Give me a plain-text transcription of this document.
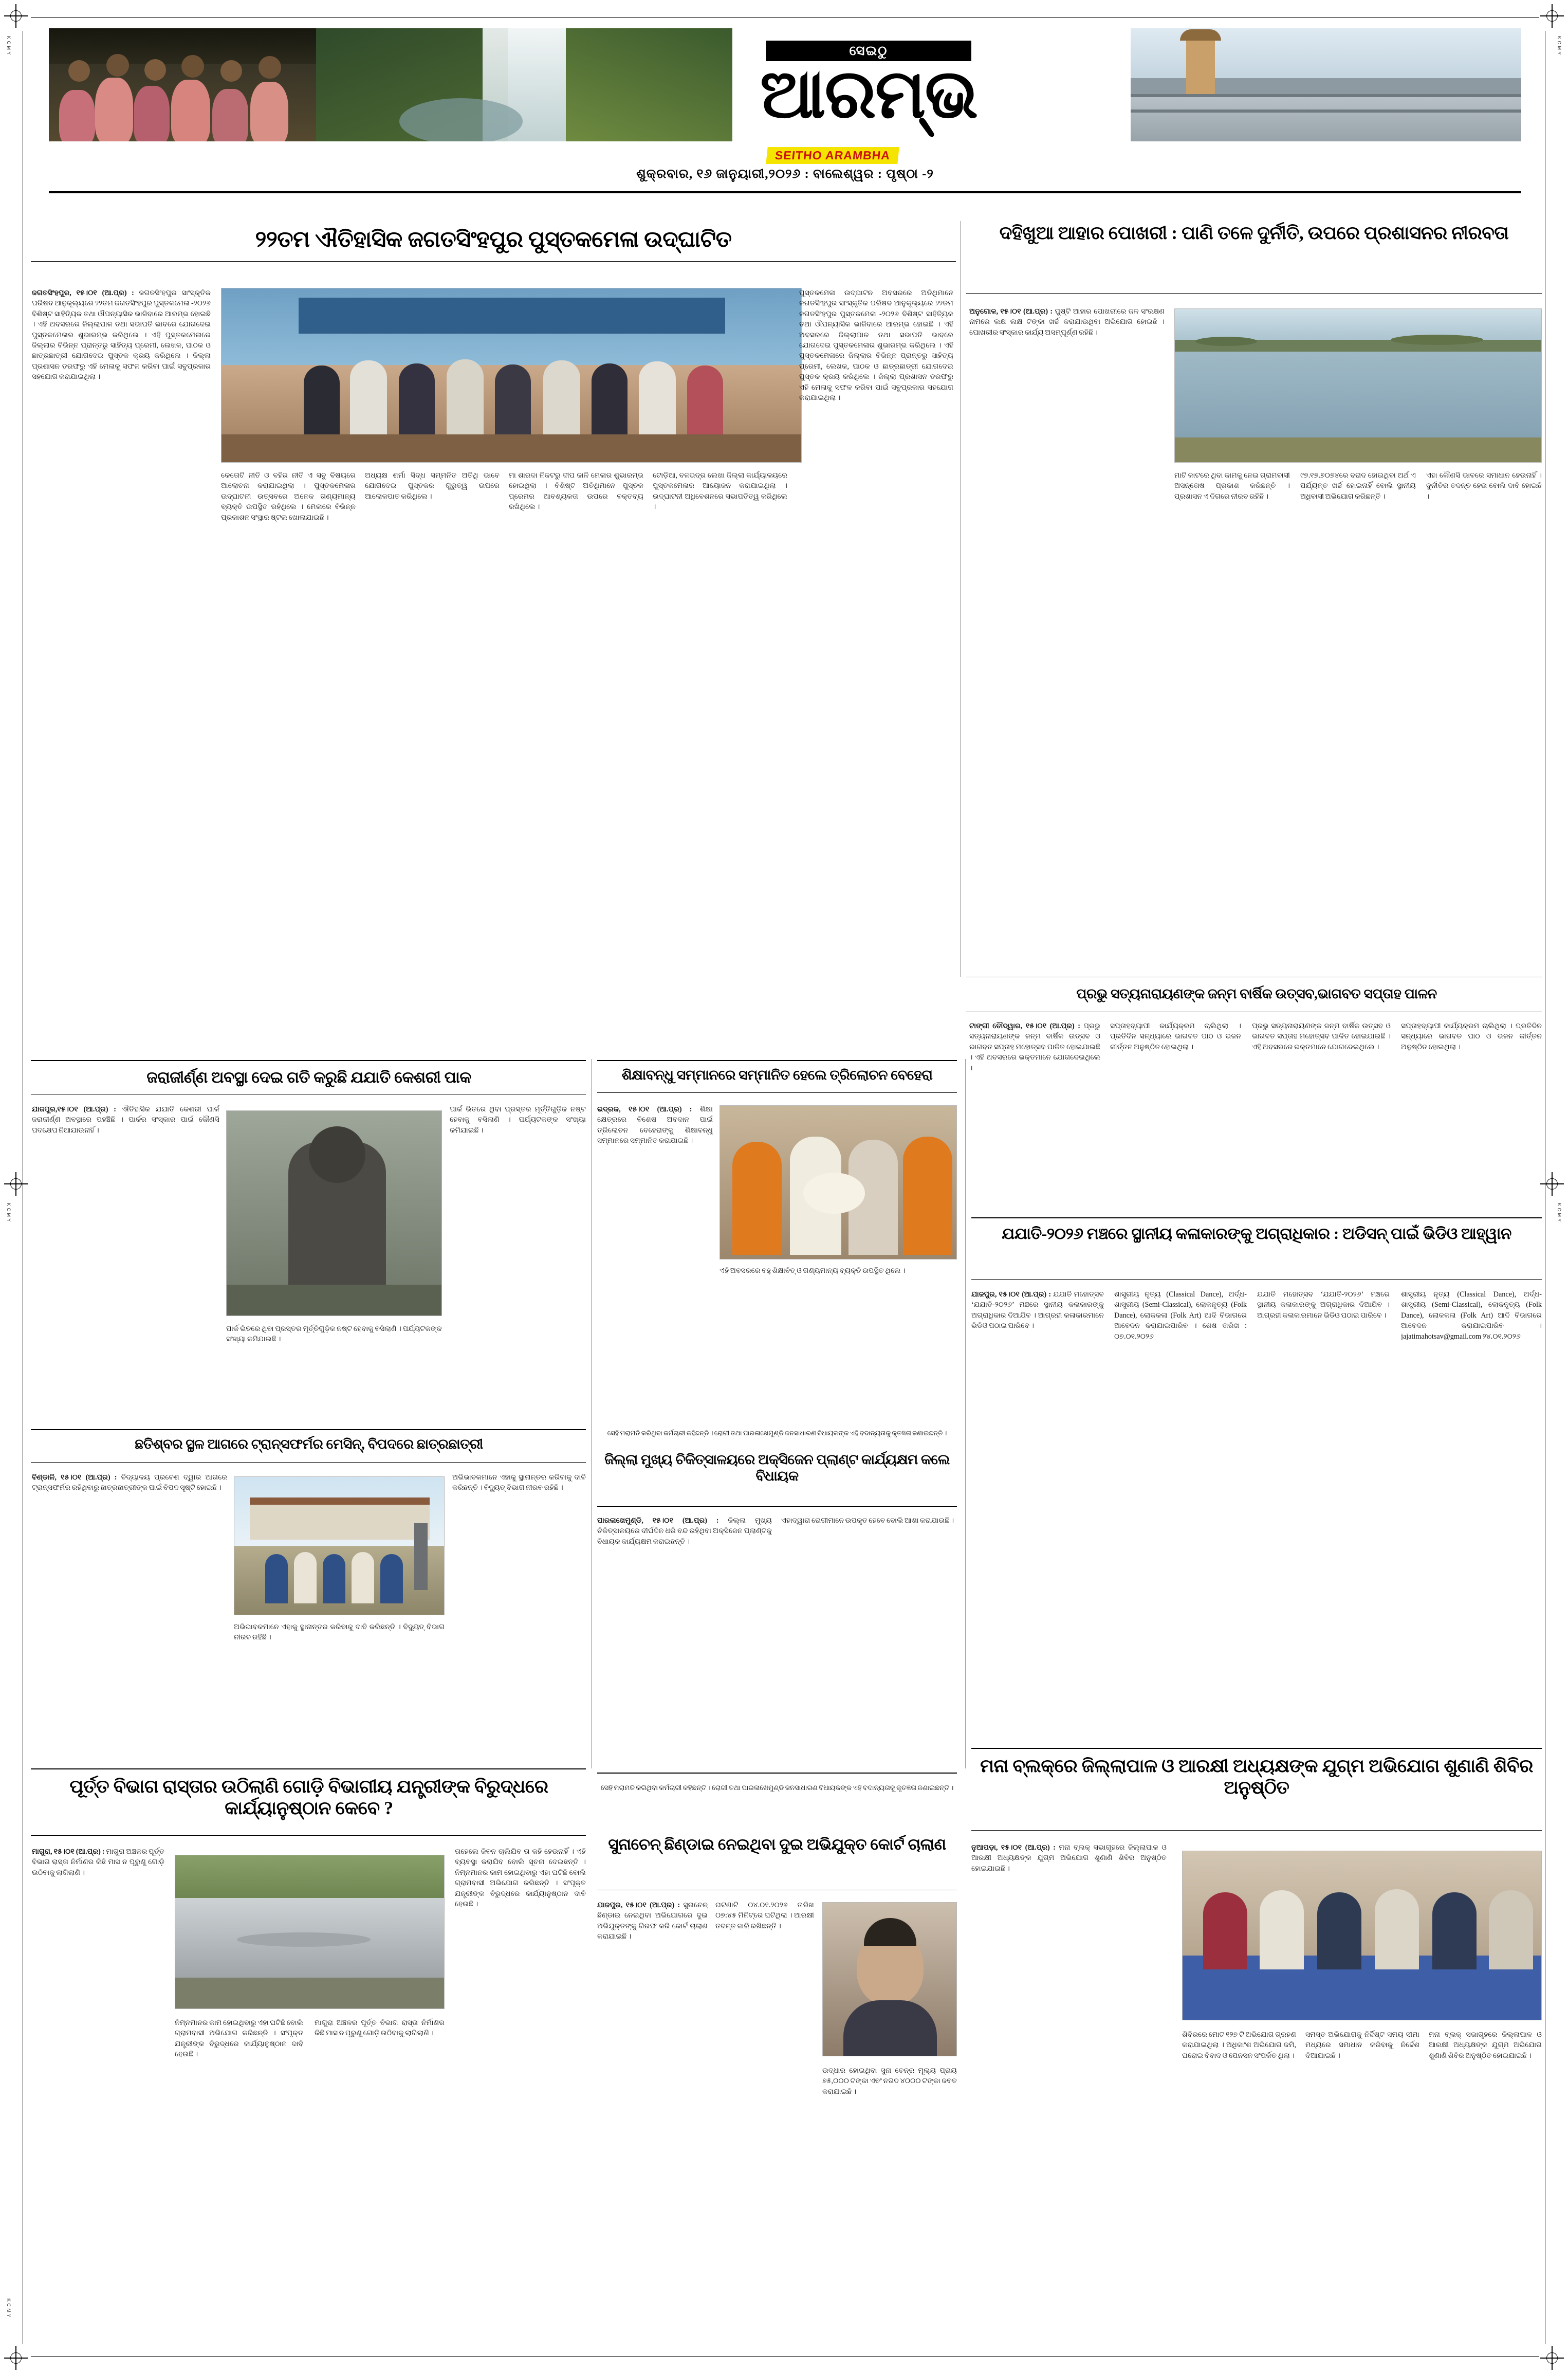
K C M Y	K C M Y
K C M Y	K C M Y
K C M Y
ସେଇଠୁ
ଆରମ୍ଭ
SEITHO ARAMBHA
ଶୁକ୍ରବାର, ୧୬ ଜାନୁୟାରୀ,୨୦୨୬ : ବାଲେଶ୍ୱର : ପୃଷ୍ଠା -୨
୨୨ତମ ଐତିହାସିକ ଜଗତସିଂହପୁର ପୁସ୍ତକମେଳା ଉଦ୍‌ଘାଟିତ	ଦହିଖୁଆ ଆହାର ପୋଖରୀ : ପାଣି ତଳେ ଦୁର୍ନୀତି, ଉପରେ ପ୍ରଶାସନର ନୀରବତା

ଜଗତସିଂହପୁର, ୧୫।୦୧ (ଆ.ପ୍ର) : ଜଗତସିଂହପୁର ସାଂସ୍କୃତିକ ପରିଷଦ ଆନୁକୂଲ୍ୟରେ ୨୨ତମ ଜଗତସିଂହପୁର ପୁସ୍ତକମେଳା -୨୦୨୬ ବିଶିଷ୍ଟ ସାହିତ୍ୟିକ ତଥା ଔପନ୍ୟାସିକ ଭାଜିବାରେ ଆରମ୍ଭ ହୋଇଛି । ଏହି ଅବସରରେ ଜିଲ୍ଲାପାଳ ତଥା ସଭାପତି ଭାବରେ ଯୋଗଦେଇ ପୁସ୍ତକମେଳାର ଶୁଭାରମ୍ଭ କରିଥିଲେ । ଏହି ପୁସ୍ତକମେଳାରେ ଜିଲ୍ଲାର ବିଭିନ୍ନ ପ୍ରାନ୍ତରୁ ସାହିତ୍ୟ ପ୍ରେମୀ, ଲେଖକ, ପାଠକ ଓ ଛାତ୍ରଛାତ୍ରୀ ଯୋଗଦେଇ ପୁସ୍ତକ କ୍ରୟ କରିଥିଲେ । ଜିଲ୍ଲା ପ୍ରଶାସନ ତରଫରୁ ଏହି ମେଳାକୁ ସଫଳ କରିବା ପାଇଁ ସବୁପ୍ରକାର ସହଯୋଗ କରାଯାଇଥିଲା ।

କେତୋଟି ନୀତି ଓ ବହିର ନୀତି ଏ ସବୁ ବିଷୟରେ ଆଲୋଚନା କରାଯାଇଥିଲା । ପୁସ୍ତକମେଳାର ଉଦ୍‌ଘାଟନୀ ଉତ୍ସବରେ ଅନେକ ଗଣ୍ୟମାନ୍ୟ ବ୍ୟକ୍ତି ଉପସ୍ଥିତ ରହିଥିଲେ । ମେଳାରେ ବିଭିନ୍ନ ପ୍ରକାଶନ ସଂସ୍ଥାର ଷ୍ଟଲ ଖୋଲାଯାଇଛି ।

ଅଧ୍ୟକ୍ଷ ଶର୍ମା ସିଦ୍ଧ ସମ୍ମନିତ ଅତିଥି ଭାବେ ଯୋଗଦେଇ ପୁସ୍ତକର ଗୁରୁତ୍ୱ ଉପରେ ଆଲୋକପାତ କରିଥିଲେ ।

ମା ଶାରଦା ନିକଟରୁ ଦୀପ ଜାଳି ମେଳାର ଶୁଭାରମ୍ଭ ହୋଇଥିଲା । ବିଶିଷ୍ଟ ଅତିଥିମାନେ ପୁସ୍ତକ ପ୍ରେମର ଆବଶ୍ୟକତା ଉପରେ ବକ୍ତବ୍ୟ ରଖିଥିଲେ ।

ଟୋଡ଼ିଆ, ବଳଭଦ୍ର ଲେଖା ଜିଲ୍ଲା କାର୍ଯ୍ୟାଳୟରେ ପୁସ୍ତକମେଳାର ଆୟୋଜନ କରାଯାଇଥିଲା । ଉଦ୍‌ଘାଟନୀ ଅଧିବେଶନରେ ସଭାପତିତ୍ୱ କରିଥିଲେ ।

ପୁସ୍ତକମେଳା ଉଦ୍‌ଘାଟନ ଅବସରରେ ଅତିଥିମାନେ ଜଗତସିଂହପୁର ସାଂସ୍କୃତିକ ପରିଷଦ ଆନୁକୂଲ୍ୟରେ ୨୨ତମ ଜଗତସିଂହପୁର ପୁସ୍ତକମେଳା -୨୦୨୬ ବିଶିଷ୍ଟ ସାହିତ୍ୟିକ ତଥା ଔପନ୍ୟାସିକ ଭାଜିବାରେ ଆରମ୍ଭ ହୋଇଛି । ଏହି ଅବସରରେ ଜିଲ୍ଲାପାଳ ତଥା ସଭାପତି ଭାବରେ ଯୋଗଦେଇ ପୁସ୍ତକମେଳାର ଶୁଭାରମ୍ଭ କରିଥିଲେ । ଏହି ପୁସ୍ତକମେଳାରେ ଜିଲ୍ଲାର ବିଭିନ୍ନ ପ୍ରାନ୍ତରୁ ସାହିତ୍ୟ ପ୍ରେମୀ, ଲେଖକ, ପାଠକ ଓ ଛାତ୍ରଛାତ୍ରୀ ଯୋଗଦେଇ ପୁସ୍ତକ କ୍ରୟ କରିଥିଲେ । ଜିଲ୍ଲା ପ୍ରଶାସନ ତରଫରୁ ଏହି ମେଳାକୁ ସଫଳ କରିବା ପାଇଁ ସବୁପ୍ରକାର ସହଯୋଗ କରାଯାଇଥିଲା ।

ଅନୁଗୋଳ, ୧୫।୦୧ (ଆ.ପ୍ର) : ପୁଷ୍ଟି ଆହାର ପୋଖରୀରେ ଜଳ ସଂରକ୍ଷଣ ନାମରେ ଲକ୍ଷ ଲକ୍ଷ ଟଙ୍କା ଖର୍ଚ୍ଚ କରାଯାଉଥିବା ଅଭିଯୋଗ ହୋଇଛି । ପୋଖରୀର ସଂସ୍କାର କାର୍ଯ୍ୟ ଅସମ୍ପୂର୍ଣ୍ଣ ରହିଛି ।

ମାଟି କାଟରେ ଥିବା କାମକୁ ନେଇ ଗ୍ରାମବାସୀ ଅସନ୍ତୋଷ ପ୍ରକାଶ କରିଛନ୍ତି । ପ୍ରଶାସନ ଏ ଦିଗରେ ନୀରବ ରହିଛି ।

୯୭.୧୭.୭୦୭୪ରେ ବରାଦ ହୋଇଥିବା ଅର୍ଥ ଏ ପର୍ଯ୍ୟନ୍ତ ଖର୍ଚ୍ଚ ହୋଇନାହିଁ ବୋଲି ସ୍ଥାନୀୟ ଅଧିବାସୀ ଅଭିଯୋଗ କରିଛନ୍ତି ।

ଏହା କୌଣସି ଭାବରେ ସମାଧାନ ହେଉନାହିଁ । ଦୁର୍ନୀତିର ତଦନ୍ତ ହେଉ ବୋଲି ଦାବି ହୋଇଛି ।

ପ୍ରଭୁ ସତ୍ୟନାରାୟଣଙ୍କ ଜନ୍ମ ବାର୍ଷିକ ଉତ୍ସବ,ଭାଗବତ ସପ୍ତାହ ପାଳନ

ଟାଙ୍ଗୀ ଚୌଦ୍ୱାର, ୧୫।୦୧ (ଆ.ପ୍ର) : ପ୍ରଭୁ ସତ୍ୟନାରାୟଣଙ୍କ ଜନ୍ମ ବାର୍ଷିକ ଉତ୍ସବ ଓ ଭାଗବତ ସପ୍ତାହ ମହୋତ୍ସବ ପାଳିତ ହୋଇଯାଇଛି । ଏହି ଅବସରରେ ଭକ୍ତମାନେ ଯୋଗଦେଇଥିଲେ ।

ସପ୍ତାହବ୍ୟାପୀ କାର୍ଯ୍ୟକ୍ରମ ଚାଲିଥିଲା । ପ୍ରତିଦିନ ସନ୍ଧ୍ୟାରେ ଭାଗବତ ପାଠ ଓ ଭଜନ କୀର୍ତ୍ତନ ଅନୁଷ୍ଠିତ ହୋଇଥିଲା ।

ପ୍ରଭୁ ସତ୍ୟନାରାୟଣଙ୍କ ଜନ୍ମ ବାର୍ଷିକ ଉତ୍ସବ ଓ ଭାଗବତ ସପ୍ତାହ ମହୋତ୍ସବ ପାଳିତ ହୋଇଯାଇଛି । ଏହି ଅବସରରେ ଭକ୍ତମାନେ ଯୋଗଦେଇଥିଲେ ।

ସପ୍ତାହବ୍ୟାପୀ କାର୍ଯ୍ୟକ୍ରମ ଚାଲିଥିଲା । ପ୍ରତିଦିନ ସନ୍ଧ୍ୟାରେ ଭାଗବତ ପାଠ ଓ ଭଜନ କୀର୍ତ୍ତନ ଅନୁଷ୍ଠିତ ହୋଇଥିଲା ।

ଜରାଜୀର୍ଣ୍ଣ ଅବସ୍ଥା ଦେଇ ଗତି କରୁଛି ଯଯାତି କେଶରୀ ପାକ

ଯାଜପୁର,୧୫।୦୧ (ଆ.ପ୍ର) : ଐତିହାସିକ ଯଯାତି କେଶରୀ ପାର୍କ ଜରାଜୀର୍ଣ୍ଣ ଅବସ୍ଥାରେ ପହଞ୍ଚିଛି । ପାର୍କର ସଂସ୍କାର ପାଇଁ କୌଣସି ପଦକ୍ଷେପ ନିଆଯାଉନାହିଁ ।

ପାର୍କ ଭିତରେ ଥିବା ପ୍ରସ୍ତର ମୂର୍ତ୍ତିଗୁଡ଼ିକ ନଷ୍ଟ ହେବାକୁ ବସିଲାଣି । ପର୍ଯ୍ୟଟକଙ୍କ ସଂଖ୍ୟା କମିଯାଇଛି ।

ପାର୍କ ଭିତରେ ଥିବା ପ୍ରସ୍ତର ମୂର୍ତ୍ତିଗୁଡ଼ିକ ନଷ୍ଟ ହେବାକୁ ବସିଲାଣି । ପର୍ଯ୍ୟଟକଙ୍କ ସଂଖ୍ୟା କମିଯାଇଛି ।

ଶିକ୍ଷାବନ୍ଧୁ ସମ୍ମାନରେ ସମ୍ମାନିତ ହେଲେ ତ୍ରିଲୋଚନ ବେହେରା

ଭଦ୍ରକ, ୧୫।୦୧ (ଆ.ପ୍ର) : ଶିକ୍ଷା କ୍ଷେତ୍ରରେ ବିଶେଷ ଅବଦାନ ପାଇଁ ତ୍ରିଲୋଚନ ବେହେରାଙ୍କୁ ଶିକ୍ଷାବନ୍ଧୁ ସମ୍ମାନରେ ସମ୍ମାନିତ କରାଯାଇଛି ।

ଏହି ଅବସରରେ ବହୁ ଶିକ୍ଷାବିତ୍‌ ଓ ଗଣ୍ୟମାନ୍ୟ ବ୍ୟକ୍ତି ଉପସ୍ଥିତ ଥିଲେ ।

ସେହି ମରାମତି କରିଥିବା କର୍ମଚାରୀ କହିଛନ୍ତି । ରୋଗୀ ତଥା ପାରଳାଖେମୁଣ୍ଡି ଜନସାଧାରଣ ବିଧାୟକଙ୍କ ଏହି ବଦାନ୍ୟତାକୁ କୃତଜ୍ଞତା ଜଣାଇଛନ୍ତି ।
ଯଯାତି-୨୦୨୬ ମଞ୍ଚରେ ସ୍ଥାନୀୟ କଳାକାରଙ୍କୁ ଅଗ୍ରାଧିକାର : ଅଡିସନ୍ ପାଇଁ ଭିଡିଓ ଆହ୍ୱାନ

ଯାଜପୁର, ୧୫।୦୧ (ଆ.ପ୍ର) : ଯଯାତି ମହୋତ୍ସବ ‘ଯଯାତି-୨୦୨୬’ ମଞ୍ଚରେ ସ୍ଥାନୀୟ କଳାକାରଙ୍କୁ ଅଗ୍ରାଧିକାର ଦିଆଯିବ । ଆଗ୍ରହୀ କଳାକାରମାନେ ଭିଡିଓ ପଠାଇ ପାରିବେ ।

ଶାସ୍ତ୍ରୀୟ ନୃତ୍ୟ (Classical Dance), ଅର୍ଦ୍ଧ-ଶାସ୍ତ୍ରୀୟ (Semi-Classical), ଲୋକନୃତ୍ୟ (Folk Dance), ଲୋକକଳା (Folk Art) ଆଦି ବିଭାଗରେ ଆବେଦନ କରାଯାଇପାରିବ । ଶେଷ ତାରିଖ : ୦୭.୦୧.୨୦୨୬

ଯଯାତି ମହୋତ୍ସବ ‘ଯଯାତି-୨୦୨୬’ ମଞ୍ଚରେ ସ୍ଥାନୀୟ କଳାକାରଙ୍କୁ ଅଗ୍ରାଧିକାର ଦିଆଯିବ । ଆଗ୍ରହୀ କଳାକାରମାନେ ଭିଡିଓ ପଠାଇ ପାରିବେ ।

ଶାସ୍ତ୍ରୀୟ ନୃତ୍ୟ (Classical Dance), ଅର୍ଦ୍ଧ-ଶାସ୍ତ୍ରୀୟ (Semi-Classical), ଲୋକନୃତ୍ୟ (Folk Dance), ଲୋକକଳା (Folk Art) ଆଦି ବିଭାଗରେ ଆବେଦନ କରାଯାଇପାରିବ । jajatimahotsav@gmail.com ୨୪.୦୧.୨୦୨୬

ଛତିଶ୍ବର ସ୍ଥଳ ଆଗରେ ଟ୍ରାନ୍ସଫର୍ମର ମେସିନ୍, ବିପଦରେ ଛାତ୍ରଛାତ୍ରୀ

ବିଣ୍ଡାଳି, ୧୫।୦୧ (ଆ.ପ୍ର) : ବିଦ୍ୟାଳୟ ପ୍ରବେଶ ଦ୍ୱାର ଆଗରେ ଟ୍ରାନ୍ସଫର୍ମର ରହିଥିବାରୁ ଛାତ୍ରଛାତ୍ରୀଙ୍କ ପାଇଁ ବିପଦ ସୃଷ୍ଟି ହୋଇଛି ।

ଅଭିଭାବକମାନେ ଏହାକୁ ସ୍ଥାନାନ୍ତର କରିବାକୁ ଦାବି କରିଛନ୍ତି । ବିଦ୍ୟୁତ୍ ବିଭାଗ ନୀରବ ରହିଛି ।

ଅଭିଭାବକମାନେ ଏହାକୁ ସ୍ଥାନାନ୍ତର କରିବାକୁ ଦାବି କରିଛନ୍ତି । ବିଦ୍ୟୁତ୍ ବିଭାଗ ନୀରବ ରହିଛି ।

ଜିଲ୍ଲା ମୁଖ୍ୟ ଚିକିତ୍ସାଳୟରେ ଅକ୍ସିଜେନ ପ୍ଲାଣ୍ଟ କାର୍ଯ୍ୟକ୍ଷମ କଲେ ବିଧାୟକ

ପାରଳାଖେମୁଣ୍ଡି, ୧୫।୦୧ (ଆ.ପ୍ର) : ଜିଲ୍ଲା ମୁଖ୍ୟ ଚିକିତ୍ସାଳୟରେ ଦୀର୍ଘଦିନ ଧରି ବନ୍ଦ ରହିଥିବା ଅକ୍ସିଜେନ ପ୍ଲାଣ୍ଟକୁ ବିଧାୟକ କାର୍ଯ୍ୟକ୍ଷମ କରାଇଛନ୍ତି ।

ଏହାଦ୍ୱାରା ରୋଗୀମାନେ ଉପକୃତ ହେବେ ବୋଲି ଆଶା କରାଯାଉଛି ।

ପୂର୍ତ୍ତ ବିଭାଗ ରାସ୍ତାର ଉଠିଲାଣି ଗୋଡ଼ି ବିଭାଗୀୟ ଯନ୍ତ୍ରୀଙ୍କ ବିରୁଦ୍ଧରେ କାର୍ଯ୍ୟାନୁଷ୍ଠାନ କେବେ ?

ମାଗୁରା, ୧୫।୦୧ (ଆ.ପ୍ର) : ମାଗୁରା ଅଞ୍ଚଳର ପୂର୍ତ୍ତ ବିଭାଗ ରାସ୍ତା ନିର୍ମାଣର କିଛି ମାସ ନ ପୂରୁଣୁ ଗୋଡ଼ି ଉଠିବାକୁ ଲାଗିଲାଣି ।

ନିମ୍ନମାନର କାମ ହୋଇଥିବାରୁ ଏହା ଘଟିଛି ବୋଲି ଗ୍ରାମବାସୀ ଅଭିଯୋଗ କରିଛନ୍ତି । ସଂପୃକ୍ତ ଯନ୍ତ୍ରୀଙ୍କ ବିରୁଦ୍ଧରେ କାର୍ଯ୍ୟାନୁଷ୍ଠାନ ଦାବି ହେଉଛି ।

ମାଗୁରା ଅଞ୍ଚଳର ପୂର୍ତ୍ତ ବିଭାଗ ରାସ୍ତା ନିର୍ମାଣର କିଛି ମାସ ନ ପୂରୁଣୁ ଗୋଡ଼ି ଉଠିବାକୁ ଲାଗିଲାଣି ।

ତାହେଲେ ଜିବନ ଚାଲିଯିବ ତା କହି ହେଉନାହିଁ । ଏହି ବ୍ୟବସ୍ଥା କରାଯିବ ବୋଲି ସୂଚନା ଦେଇଛନ୍ତି । ନିମ୍ନମାନର କାମ ହୋଇଥିବାରୁ ଏହା ଘଟିଛି ବୋଲି ଗ୍ରାମବାସୀ ଅଭିଯୋଗ କରିଛନ୍ତି । ସଂପୃକ୍ତ ଯନ୍ତ୍ରୀଙ୍କ ବିରୁଦ୍ଧରେ କାର୍ଯ୍ୟାନୁଷ୍ଠାନ ଦାବି ହେଉଛି ।

ସୁନାଚେନ୍ ଛିଣ୍ଡାଇ ନେଇଥିବା ଦୁଇ ଅଭିଯୁକ୍ତ କୋର୍ଟ ଚାଲାଣ
ସେହି ମରାମତି କରିଥିବା କର୍ମଚାରୀ କହିଛନ୍ତି । ରୋଗୀ ତଥା ପାରଳାଖେମୁଣ୍ଡି ଜନସାଧାରଣ ବିଧାୟକଙ୍କ ଏହି ବଦାନ୍ୟତାକୁ କୃତଜ୍ଞତା ଜଣାଇଛନ୍ତି ।

ଯାଜପୁର, ୧୫।୦୧ (ଆ.ପ୍ର) : ସୁନାଚେନ୍ ଛିଣ୍ଡାଇ ନେଇଥିବା ଅଭିଯୋଗରେ ଦୁଇ ଅଭିଯୁକ୍ତଙ୍କୁ ଗିରଫ କରି କୋର୍ଟ ଚାଲାଣ କରାଯାଇଛି ।

ଘଟଣାଟି ୦୪.୦୧.୨୦୨୬ ତାରିଖ ୦୭:୪୫ ମିନିଟ୍‌ରେ ଘଟିଥିଲା । ଆରକ୍ଷୀ ତଦନ୍ତ ଜାରି ରଖିଛନ୍ତି ।

ଉଦ୍ଧାର ହୋଇଥିବା ସୁନା ଚେନ୍‌ର ମୂଲ୍ୟ ପ୍ରାୟ ୭୫,୦୦୦ ଟଙ୍କା ଏବଂ ନଗଦ ୪୦୦୦ ଟଙ୍କା ଜବତ କରାଯାଇଛି ।

ମନା ବ୍ଲକ୍‌ରେ ଜିଲ୍ଲାପାଳ ଓ ଆରକ୍ଷୀ ଅଧ୍ୟକ୍ଷଙ୍କ ଯୁଗ୍ମ ଅଭିଯୋଗ ଶୁଣାଣି ଶିବିର ଅନୁଷ୍ଠିତ

ନୁଆପଡ଼ା, ୧୫।୦୧ (ଆ.ପ୍ର) : ମନା ବ୍ଲକ୍ ସଭାଗୃହରେ ଜିଲ୍ଲାପାଳ ଓ ଆରକ୍ଷୀ ଅଧ୍ୟକ୍ଷଙ୍କ ଯୁଗ୍ମ ଅଭିଯୋଗ ଶୁଣାଣି ଶିବିର ଅନୁଷ୍ଠିତ ହୋଇଯାଇଛି ।

ଶିବିରରେ ମୋଟ ୧୨୭ ଟି ଅଭିଯୋଗ ଗ୍ରହଣ କରାଯାଇଥିଲା । ଅଧିକାଂଶ ଅଭିଯୋଗ ଜମି, ଘରୋଇ ବିବାଦ ଓ ପେନସନ ସଂପର୍କିତ ଥିଲା ।

ସମସ୍ତ ଅଭିଯୋଗକୁ ନିର୍ଦ୍ଦିଷ୍ଟ ସମୟ ସୀମା ମଧ୍ୟରେ ସମାଧାନ କରିବାକୁ ନିର୍ଦ୍ଦେଶ ଦିଆଯାଇଛି ।

ମନା ବ୍ଲକ୍ ସଭାଗୃହରେ ଜିଲ୍ଲାପାଳ ଓ ଆରକ୍ଷୀ ଅଧ୍ୟକ୍ଷଙ୍କ ଯୁଗ୍ମ ଅଭିଯୋଗ ଶୁଣାଣି ଶିବିର ଅନୁଷ୍ଠିତ ହୋଇଯାଇଛି ।
